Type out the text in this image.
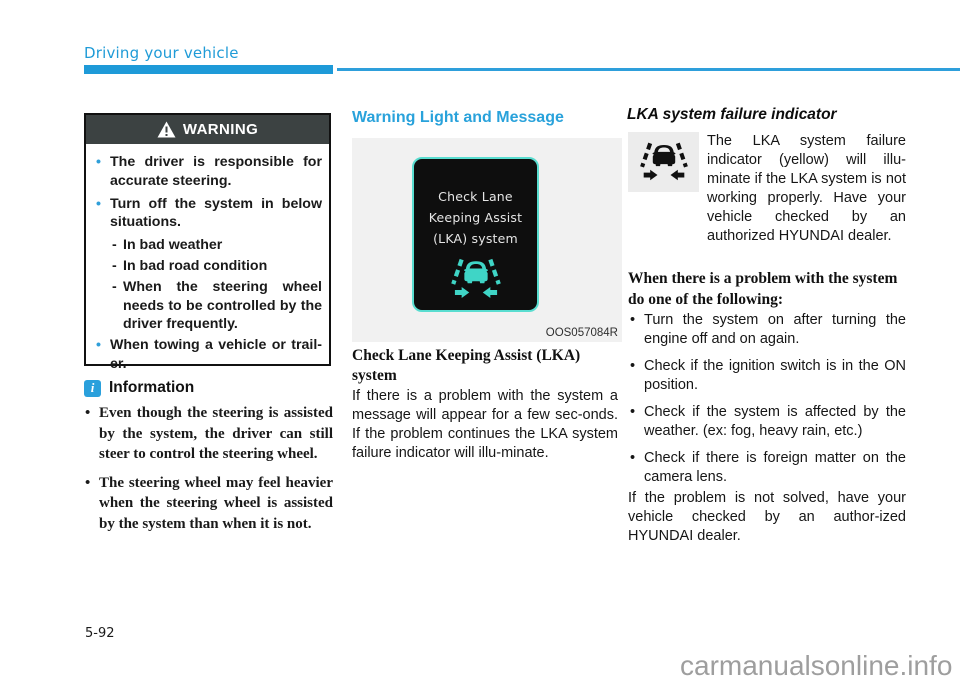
Driving your vehicle
WARNING
• The driver is responsible for accurate steering.
• Turn off the system in below situations.
- In bad weather
- In bad road condition
- When the steering wheel needs to be controlled by the driver frequently.
• When towing a vehicle or trail-er.
i Information
• Even though the steering is assisted by the system, the driver can still steer to control the steering wheel.
• The steering wheel may feel heavier when the steering wheel is assisted by the system than when it is not.
Warning Light and Message
Check Lane
Keeping Assist
(LKA) system
OOS057084R
Check Lane Keeping Assist (LKA) system
If there is a problem with the system a message will appear for a few sec-onds. If the problem continues the LKA system failure indicator will illu-minate.
LKA system failure indicator
The LKA system failure indicator (yellow) will illu-minate if the LKA system is not working properly. Have your vehicle checked by an authorized HYUNDAI dealer.
When there is a problem with the system do one of the following:
• Turn the system on after turning the engine off and on again.
• Check if the ignition switch is in the ON position.
• Check if the system is affected by the weather. (ex: fog, heavy rain, etc.)
• Check if there is foreign matter on the camera lens.
If the problem is not solved, have your vehicle checked by an author-ized HYUNDAI dealer.
5-92
carmanualsonline.info
